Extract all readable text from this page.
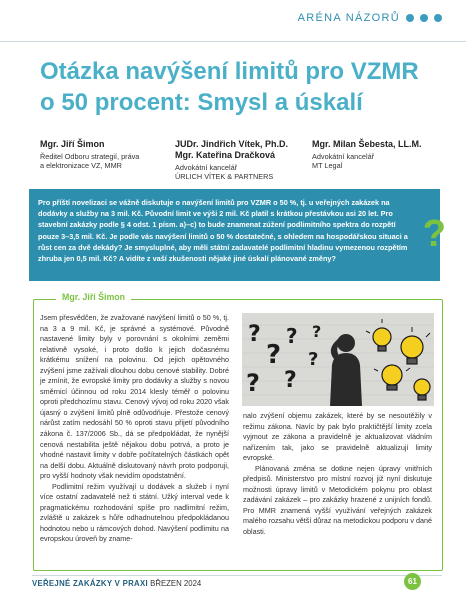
ARÉNA NÁZORŮ
Otázka navýšení limitů pro VZMR
o 50 procent: Smysl a úskalí
Mgr. Jiří Šimon
Ředitel Odboru strategií, práva
a elektronizace VZ, MMR
JUDr. Jindřich Vítek, Ph.D.
Mgr. Kateřina Dračková
Advokátní kancelář
ÚRLICH VÍTEK & PARTNERS
Mgr. Milan Šebesta, LL.M.
Advokátní kancelář
MT Legal

Pro příští novelizaci se vážně diskutuje o navýšení limitů pro VZMR o 50 %, tj. u veřejných zakázek na dodávky a služby na 3 mil. Kč. Původní limit ve výši 2 mil. Kč platil s krátkou přestávkou asi 20 let. Pro stavební zakázky podle § 4 odst. 1 písm. a)–c) to bude znamenat zúžení podlimitního spektra do rozpětí pouze 3–3,5 mil. Kč. Je podle vás navýšení limitů o 50 % dostatečné, s ohledem na hospodářskou situaci a růst cen za dvě dekády? Je smysluplné, aby měli státní zadavatelé podlimitní hladinu vymezenou rozpětím zhruba jen 0,5 mil. Kč? A vidíte z vaší zkušenosti nějaké jiné úskalí plánované změny?

?
Mgr. Jiří Šimon

Jsem přesvědčen, že zvažované navýšení limitů o 50 %, tj. na 3 a 9 mil. Kč, je správné a systémové. Původně nastavené limity byly v porovnání s okolními zeměmi relativně vysoké, i proto došlo k jejich dočasnému krátkému snížení na polovinu. Od jejich opětovného zvýšení jsme zažívali dlouhou dobu cenové stability. Dobré je zmínit, že evropské limity pro dodávky a služby s novou směrnicí účinnou od roku 2014 klesly téměř o polovinu oproti předchozímu stavu. Cenový vývoj od roku 2020 však újasný o zvýšení limitů plně odůvodňuje. Přestože cenový nárůst zatím nedosáhl 50 % oproti stavu přijetí původního zákona č. 137/2006 Sb., dá se předpokládat, že nynější cenová nestabilita ještě nějakou dobu potrvá, a proto je vhodné nastavit limity v dobře počítatelných částkách opět na delší dobu. Aktuálně diskutovaný návrh proto podporuji, pro vyšší hodnoty však nevidím opodstatnění.

Podlimitní režim využívají u dodávek a služeb i nyní více ostatní zadavatelé než ti státní. Užký interval vede k pragmatickému rozhodování spíše pro nadlimitní režim, zvláště u zakázek s hůře odhadnutelnou předpokládanou hodnotou nebo u rámcových dohod. Navýšení podlimitu na evropskou úroveň by zname-

?
?
?
?
?
?
?

nalo zvýšení objemu zakázek, které by se nesoutěžily v režimu zákona. Navíc by pak bylo praktičtější limity zcela vyjmout ze zákona a pravidelně je aktualizovat vládním nařízením tak, jako se pravidelně aktualizují limity evropské.

Plánovaná změna se dotkne nejen úpravy vnitřních předpisů. Ministerstvo pro místní rozvoj již nyní diskutuje možnosti úpravy limitů v Metodickém pokynu pro oblast zadávání zakázek – pro zakázky hrazené z unijních fondů. Pro MMR znamená vyšší využívání veřejných zakázek malého rozsahu větší důraz na metodickou podporu v dané oblasti.

VEŘEJNÉ ZAKÁZKY V PRAXI BŘEZEN 2024	61
